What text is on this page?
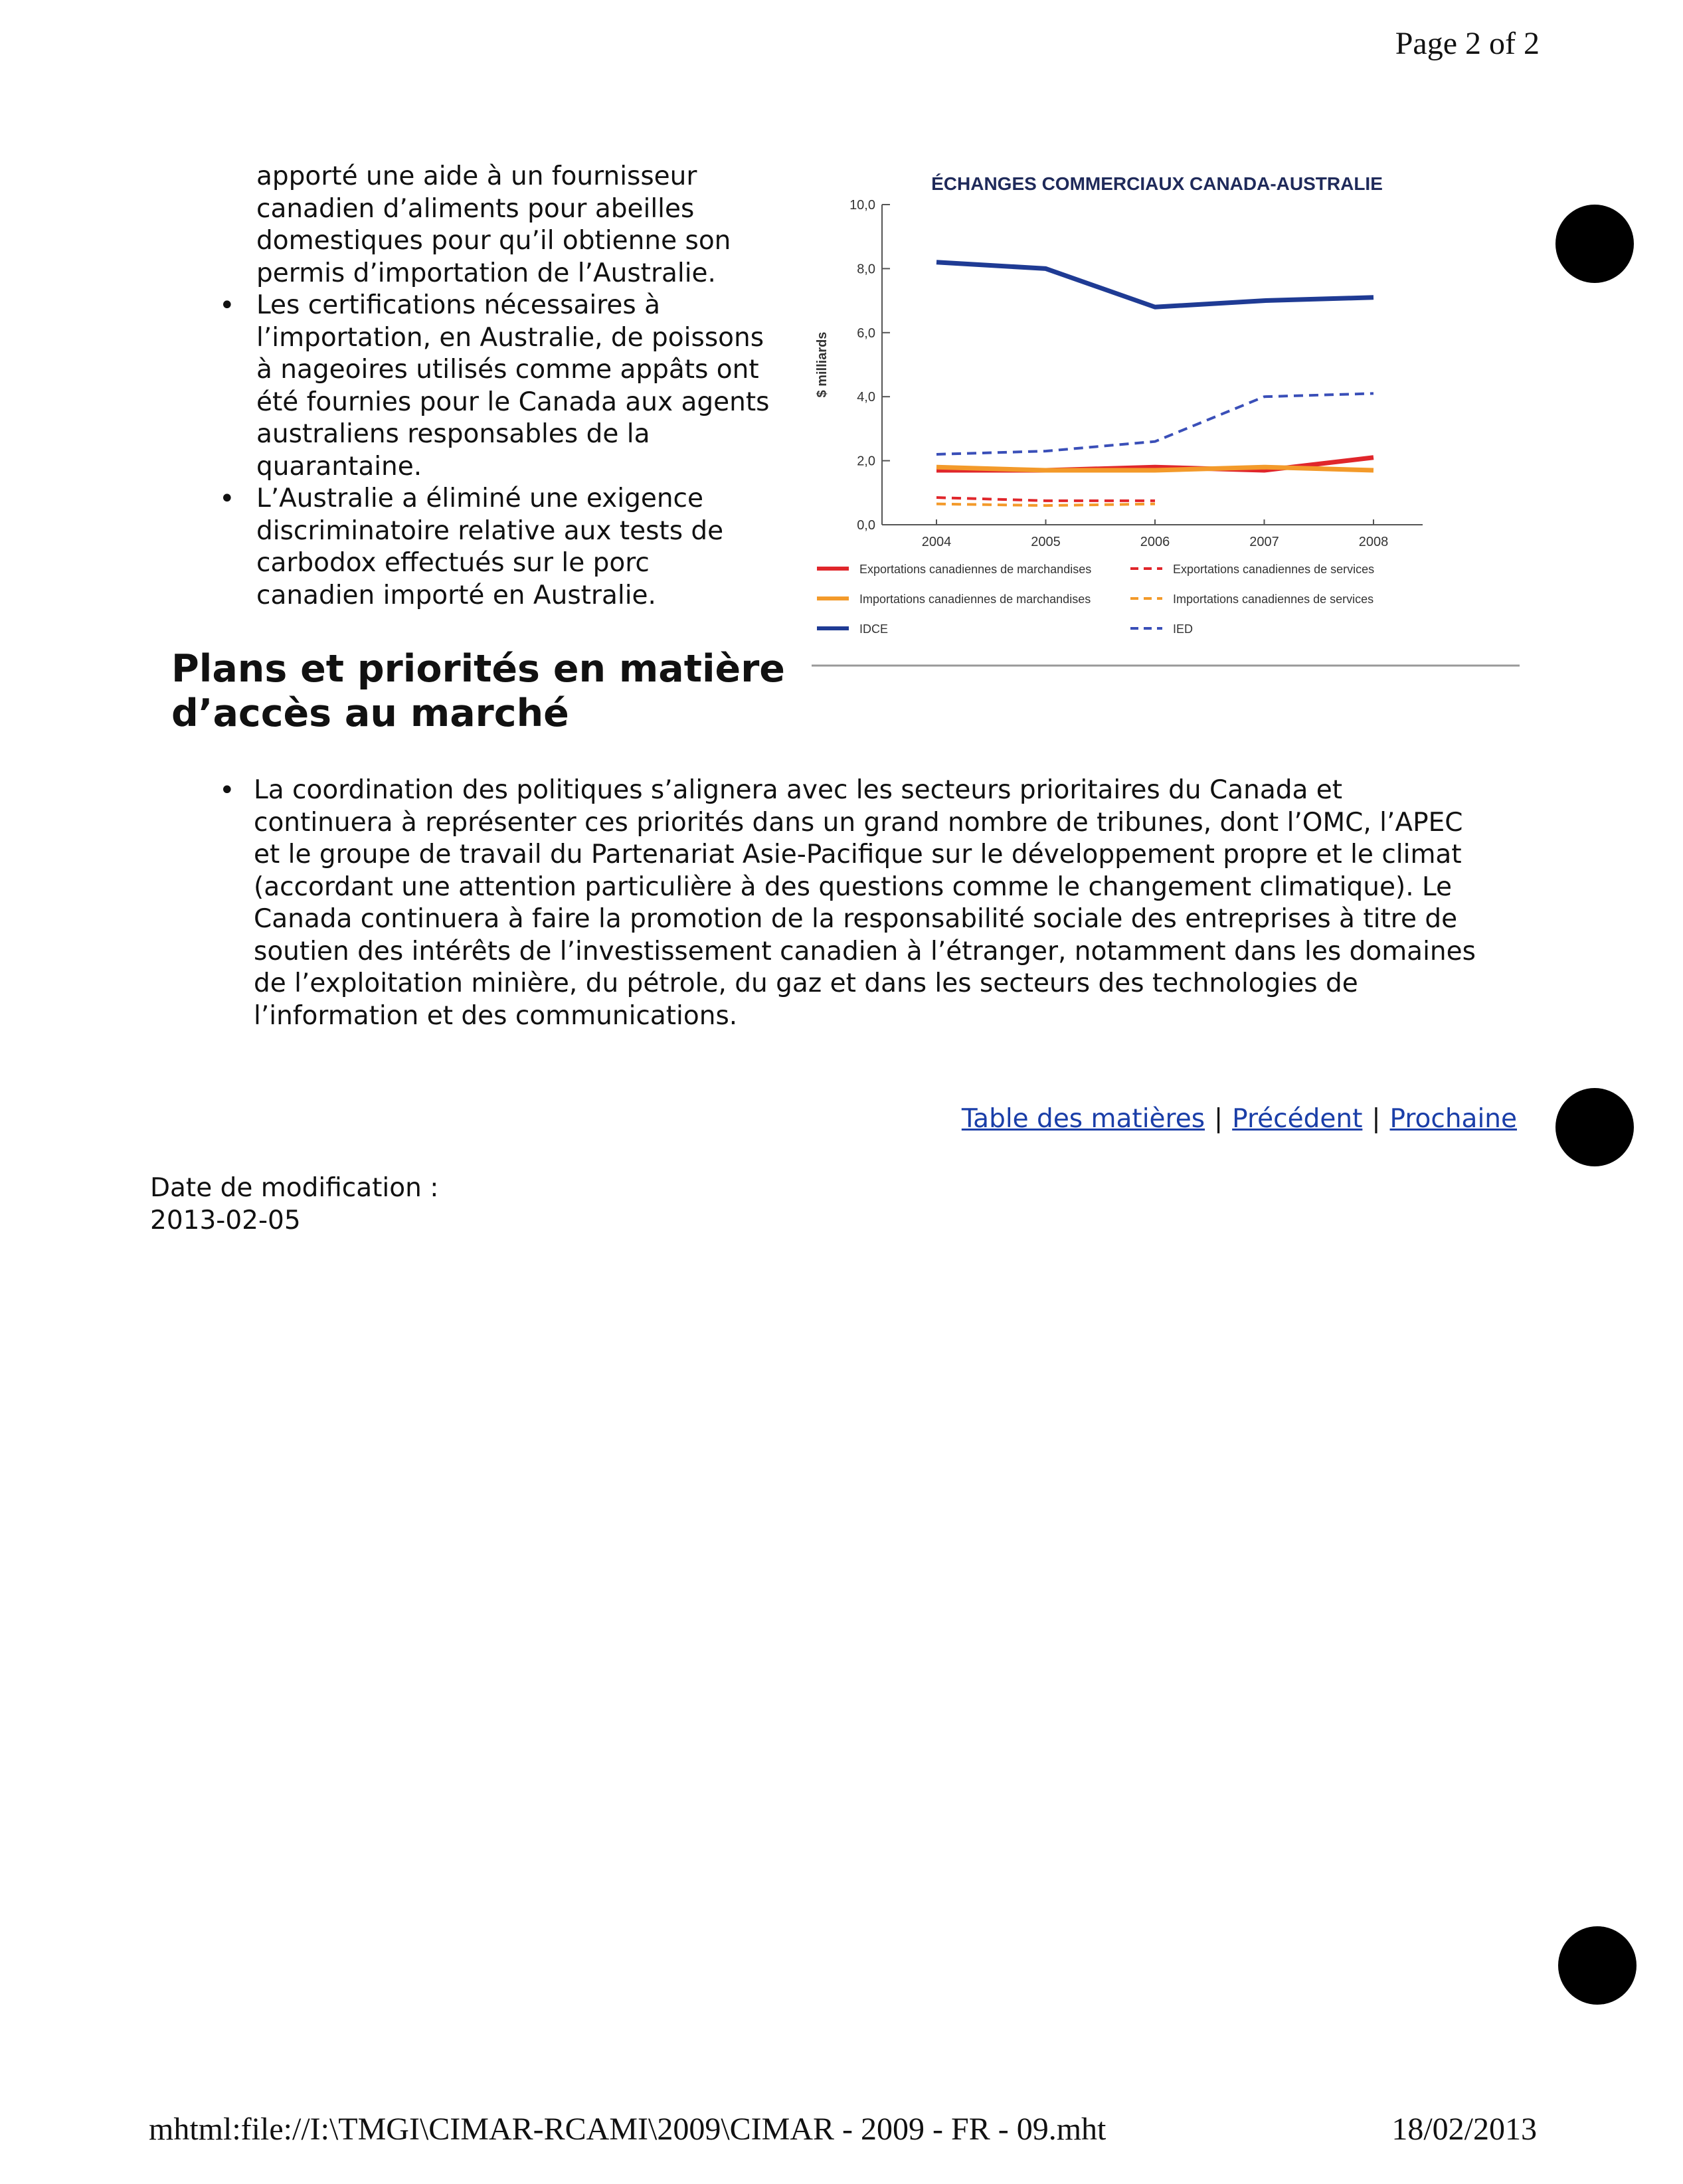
Page 2 of 2
apporté une aide à un fournisseur
canadien d’aliments pour abeilles
domestiques pour qu’il obtienne son
permis d’importation de l’Australie.
• Les certifications nécessaires à
l’importation, en Australie, de poissons
à nageoires utilisés comme appâts ont
été fournies pour le Canada aux agents
australiens responsables de la
quarantaine.
• L’Australie a éliminé une exigence
discriminatoire relative aux tests de
carbodox effectués sur le porc
canadien importé en Australie.
ÉCHANGES COMMERCIAUX CANADA-AUSTRALIE
$ milliards
0,0
2,0
4,0
6,0
8,0
10,0
2004	2005	2006	2007	2008
Exportations canadiennes de marchandises	Exportations canadiennes de services
Importations canadiennes de marchandises	Importations canadiennes de services
IDCE	IED
Plans et priorités en matière
d’accès au marché
• La coordination des politiques s’alignera avec les secteurs prioritaires du Canada et
continuera à représenter ces priorités dans un grand nombre de tribunes, dont l’OMC, l’APEC
et le groupe de travail du Partenariat Asie-Pacifique sur le développement propre et le climat
(accordant une attention particulière à des questions comme le changement climatique). Le
Canada continuera à faire la promotion de la responsabilité sociale des entreprises à titre de
soutien des intérêts de l’investissement canadien à l’étranger, notamment dans les domaines
de l’exploitation minière, du pétrole, du gaz et dans les secteurs des technologies de
l’information et des communications.
Table des matières | Précédent | Prochaine
Date de modification :
2013-02-05
mhtml:file://I:\TMGI\CIMAR-RCAMI\2009\CIMAR - 2009 - FR - 09.mht	18/02/2013
